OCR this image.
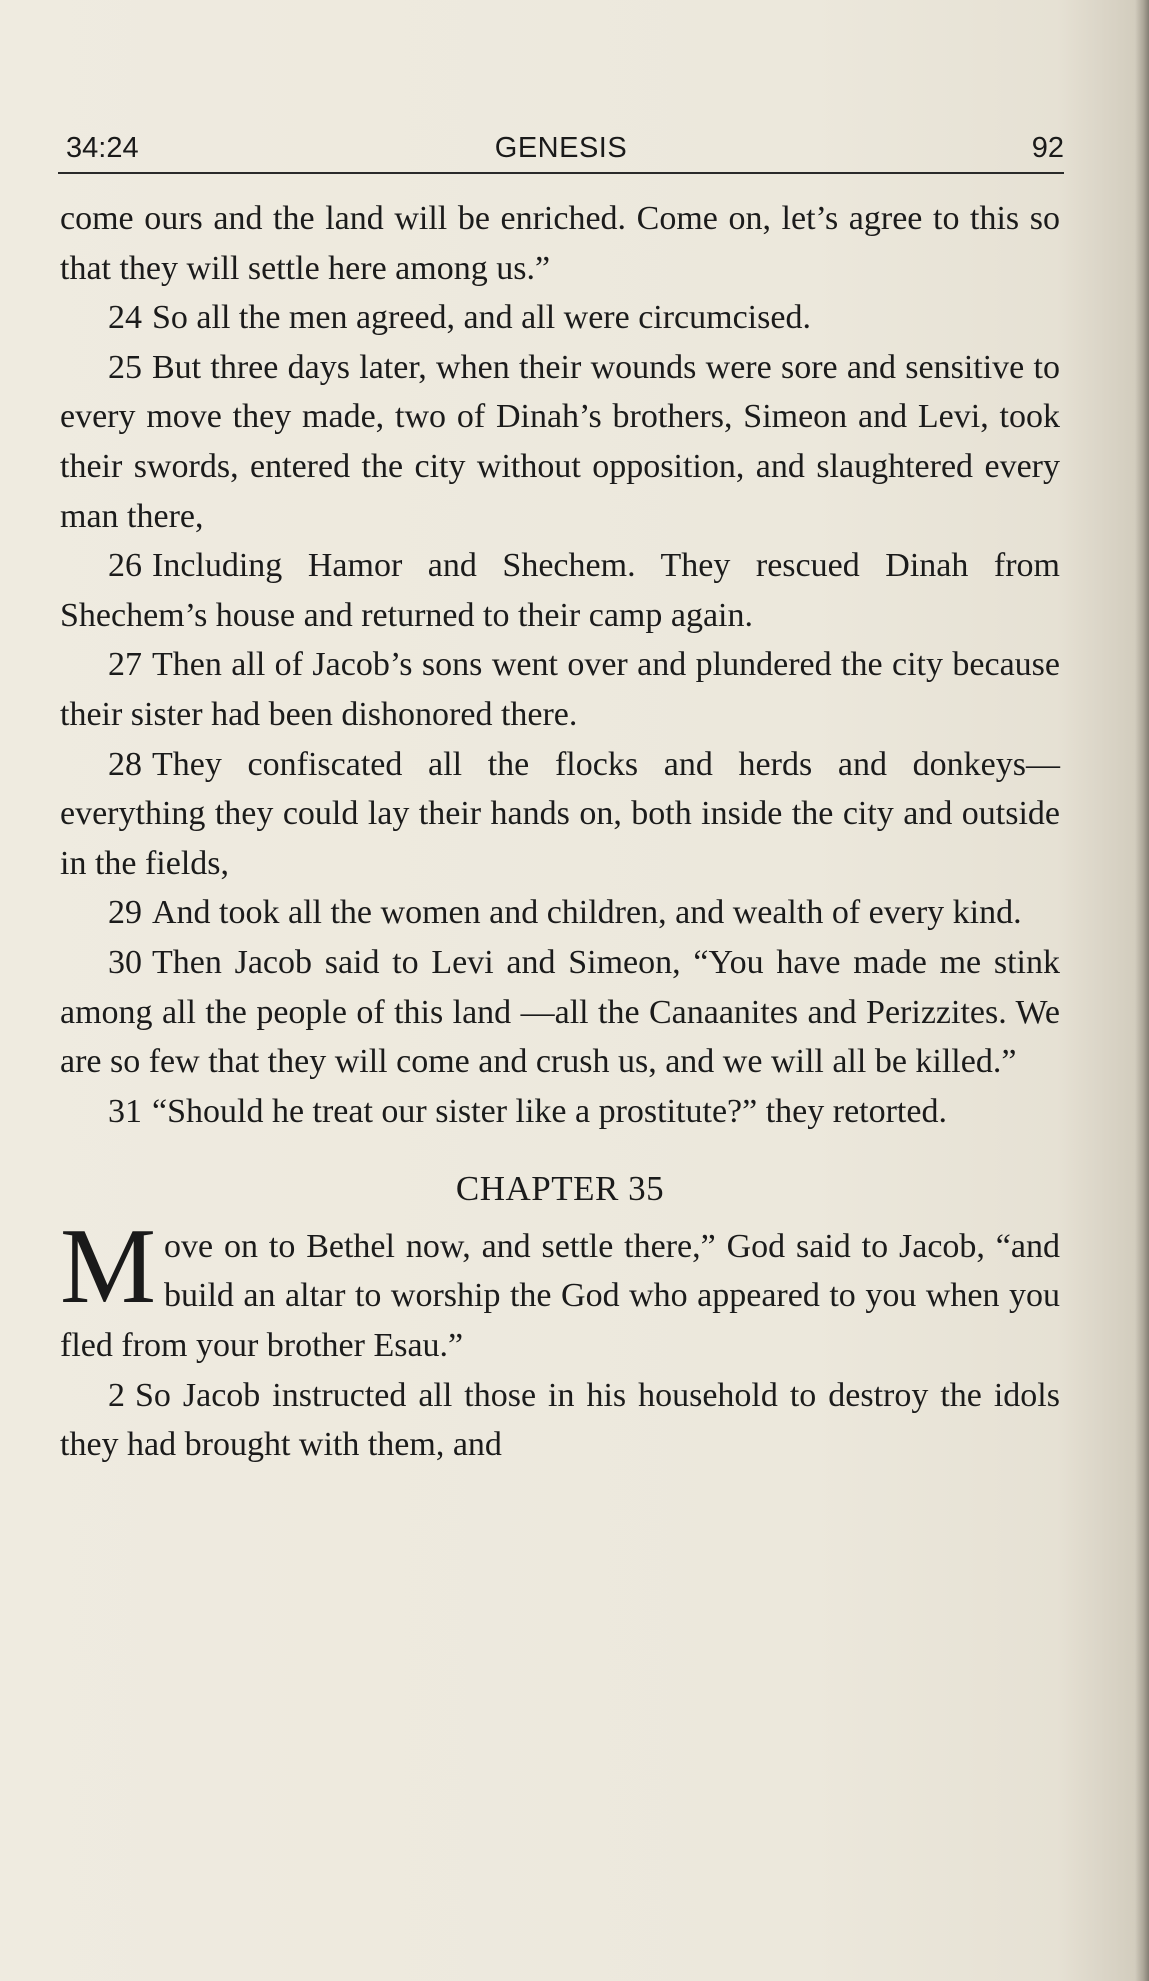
34:24	GENESIS	92

come ours and the land will be enriched. Come on, let’s agree to this so that they will settle here among us.”

24 So all the men agreed, and all were circumcised.

25 But three days later, when their wounds were sore and sensitive to every move they made, two of Dinah’s brothers, Simeon and Levi, took their swords, entered the city without opposition, and slaughtered every man there,

26 Including Hamor and Shechem. They rescued Dinah from Shechem’s house and returned to their camp again.

27 Then all of Jacob’s sons went over and plundered the city because their sister had been dishonored there.

28 They confiscated all the flocks and herds and donkeys—everything they could lay their hands on, both inside the city and outside in the fields,

29 And took all the women and children, and wealth of every kind.

30 Then Jacob said to Levi and Simeon, “You have made me stink among all the people of this land —all the Canaanites and Perizzites. We are so few that they will come and crush us, and we will all be killed.”

31 “Should he treat our sister like a prostitute?” they retorted.

CHAPTER 35

Move on to Bethel now, and settle there,” God said to Jacob, “and build an altar to worship the God who appeared to you when you fled from your brother Esau.”

2 So Jacob instructed all those in his household to destroy the idols they had brought with them, and
